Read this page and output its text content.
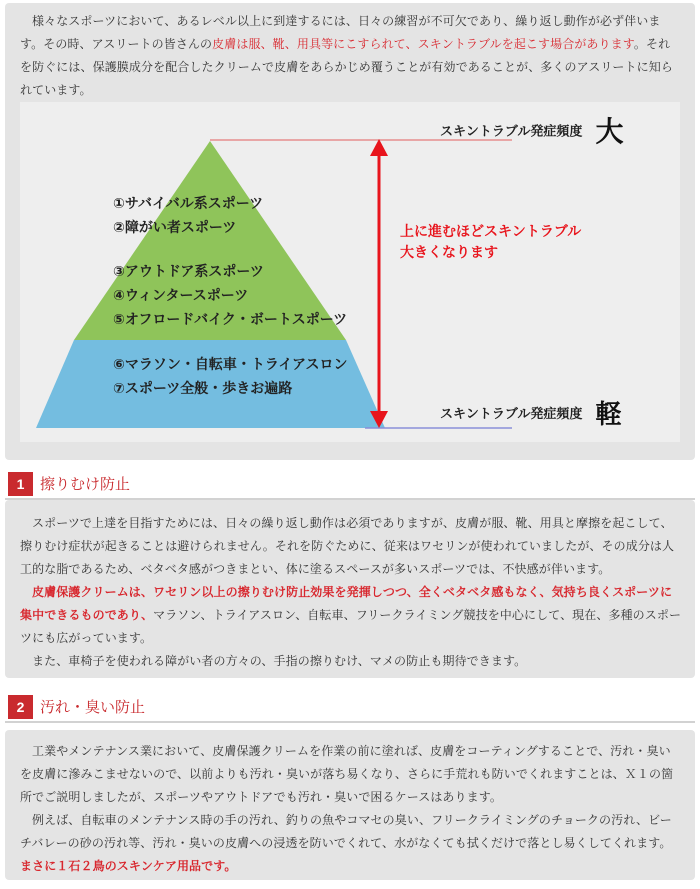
様々なスポーツにおいて、あるレベル以上に到達するには、日々の練習が不可欠であり、繰り返し動作が必ず伴います。その時、アスリートの皆さんの皮膚は服、靴、用具等にこすられて、スキントラブルを起こす場合があります。それを防ぐには、保護膜成分を配合したクリームで皮膚をあらかじめ覆うことが有効であることが、多くのアスリートに知られています。
①サバイバル系スポーツ
②障がい者スポーツ
③アウトドア系スポーツ
④ウィンタースポーツ
⑤オフロードバイク・ボートスポーツ
⑥マラソン・自転車・トライアスロン
⑦スポーツ全般・歩きお遍路
上に進むほどスキントラブル
大きくなります
スキントラブル発症頻度 大
スキントラブル発症頻度 軽
1	擦りむけ防止
スポーツで上達を目指すためには、日々の繰り返し動作は必須でありますが、皮膚が服、靴、用具と摩擦を起こして、擦りむけ症状が起きることは避けられません。それを防ぐために、従来はワセリンが使われていましたが、その成分は人工的な脂であるため、ベタベタ感がつきまとい、体に塗るスペースが多いスポーツでは、不快感が伴います。
皮膚保護クリームは、ワセリン以上の擦りむけ防止効果を発揮しつつ、全くベタベタ感もなく、気持ち良くスポーツに集中できるものであり、マラソン、トライアスロン、自転車、フリークライミング競技を中心にして、現在、多種のスポーツにも広がっています。
また、車椅子を使われる障がい者の方々の、手指の擦りむけ、マメの防止も期待できます。
2	汚れ・臭い防止
工業やメンテナンス業において、皮膚保護クリームを作業の前に塗れば、皮膚をコーティングすることで、汚れ・臭いを皮膚に滲みこませないので、以前よりも汚れ・臭いが落ち易くなり、さらに手荒れも防いでくれますことは、Ｘ１の箇所でご説明しましたが、スポーツやアウトドアでも汚れ・臭いで困るケースはあります。
例えば、自転車のメンテナンス時の手の汚れ、釣りの魚やコマセの臭い、フリークライミングのチョークの汚れ、ビーチバレーの砂の汚れ等、汚れ・臭いの皮膚への浸透を防いでくれて、水がなくても拭くだけで落とし易くしてくれます。まさに１石２鳥のスキンケア用品です。
